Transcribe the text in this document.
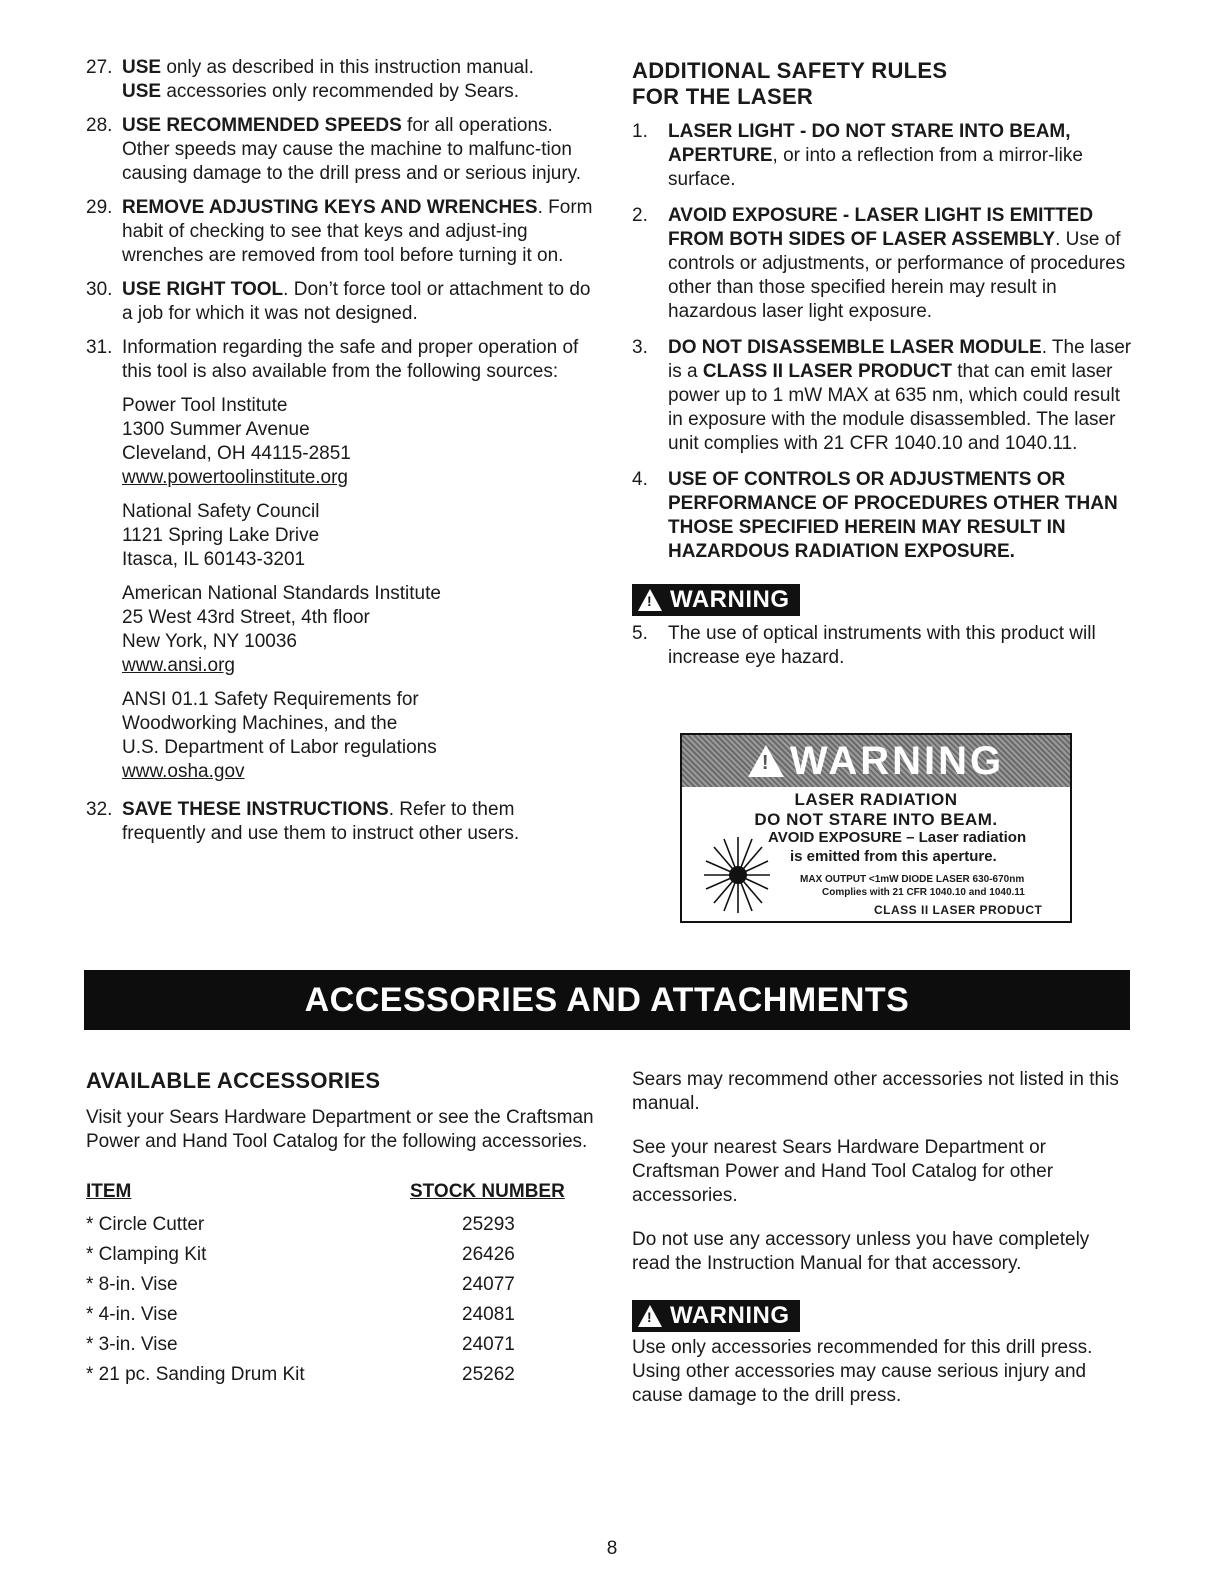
27. USE only as described in this instruction manual.
USE accessories only recommended by Sears.
28. USE RECOMMENDED SPEEDS for all operations. Other speeds may cause the machine to malfunc-tion causing damage to the drill press and or serious injury.
29. REMOVE ADJUSTING KEYS AND WRENCHES. Form habit of checking to see that keys and adjust-ing wrenches are removed from tool before turning it on.
30. USE RIGHT TOOL. Don’t force tool or attachment to do a job for which it was not designed.
31. Information regarding the safe and proper operation of this tool is also available from the following sources:
Power Tool Institute
1300 Summer Avenue
Cleveland, OH 44115-2851
www.powertoolinstitute.org
National Safety Council
1121 Spring Lake Drive
Itasca, IL 60143-3201
American National Standards Institute
25 West 43rd Street, 4th floor
New York, NY 10036
www.ansi.org
ANSI 01.1 Safety Requirements for
Woodworking Machines, and the
U.S. Department of Labor regulations
www.osha.gov
32. SAVE THESE INSTRUCTIONS. Refer to them frequently and use them to instruct other users.
ADDITIONAL SAFETY RULES
FOR THE LASER
1.	LASER LIGHT - DO NOT STARE INTO BEAM, APERTURE, or into a reflection from a mirror-like surface.
2.	AVOID EXPOSURE - LASER LIGHT IS EMITTED FROM BOTH SIDES OF LASER ASSEMBLY. Use of controls or adjustments, or performance of procedures other than those specified herein may result in hazardous laser light exposure.
3.	DO NOT DISASSEMBLE LASER MODULE. The laser is a CLASS II LASER PRODUCT that can emit laser power up to 1 mW MAX at 635 nm, which could result in exposure with the module disassembled. The laser unit complies with 21 CFR 1040.10 and 1040.11.
4.	USE OF CONTROLS OR ADJUSTMENTS OR PERFORMANCE OF PROCEDURES OTHER THAN THOSE SPECIFIED HEREIN MAY RESULT IN HAZARDOUS RADIATION EXPOSURE.
! WARNING
5.	The use of optical instruments with this product will increase eye hazard.
! WARNING
LASER RADIATION
DO NOT STARE INTO BEAM.
AVOID EXPOSURE – Laser radiation
is emitted from this aperture.
MAX OUTPUT <1mW DIODE LASER 630-670nm
Complies with 21 CFR 1040.10 and 1040.11
CLASS II LASER PRODUCT
ACCESSORIES AND ATTACHMENTS
AVAILABLE ACCESSORIES
Visit your Sears Hardware Department or see the Craftsman Power and Hand Tool Catalog for the following accessories.
ITEM	STOCK NUMBER
* Circle Cutter	25293
* Clamping Kit	26426
* 8-in. Vise	24077
* 4-in. Vise	24081
* 3-in. Vise	24071
* 21 pc. Sanding Drum Kit	25262
Sears may recommend other accessories not listed in this manual.
See your nearest Sears Hardware Department or Craftsman Power and Hand Tool Catalog for other accessories.
Do not use any accessory unless you have completely read the Instruction Manual for that accessory.
! WARNING
Use only accessories recommended for this drill press. Using other accessories may cause serious injury and cause damage to the drill press.
8
